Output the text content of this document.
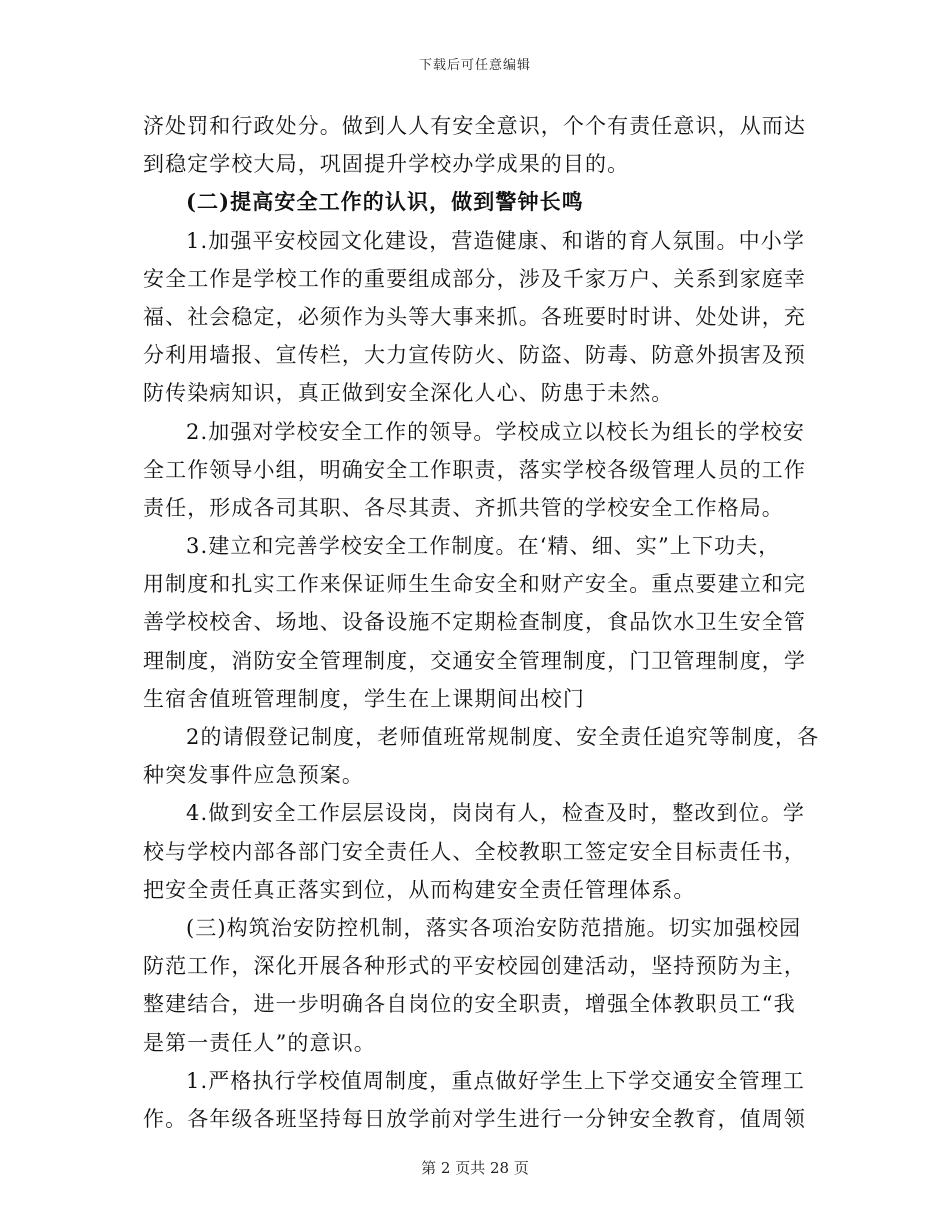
下载后可任意编辑
济处罚和行政处分。做到人人有安全意识，个个有责任意识，从而达
到稳定学校大局，巩固提升学校办学成果的目的。
(二)提高安全工作的认识，做到警钟长鸣
1.加强平安校园文化建设，营造健康、和谐的育人氛围。中小学
安全工作是学校工作的重要组成部分，涉及千家万户、关系到家庭幸
福、社会稳定，必须作为头等大事来抓。各班要时时讲、处处讲，充
分利用墙报、宣传栏，大力宣传防火、防盗、防毒、防意外损害及预
防传染病知识，真正做到安全深化人心、防患于未然。
2.加强对学校安全工作的领导。学校成立以校长为组长的学校安
全工作领导小组，明确安全工作职责，落实学校各级管理人员的工作
责任，形成各司其职、各尽其责、齐抓共管的学校安全工作格局。
3.建立和完善学校安全工作制度。在‘精、细、实”上下功夫，
用制度和扎实工作来保证师生生命安全和财产安全。重点要建立和完
善学校校舍、场地、设备设施不定期检查制度，食品饮水卫生安全管
理制度，消防安全管理制度，交通安全管理制度，门卫管理制度，学
生宿舍值班管理制度，学生在上课期间出校门
2的请假登记制度，老师值班常规制度、安全责任追究等制度，各
种突发事件应急预案。
4.做到安全工作层层设岗，岗岗有人，检查及时，整改到位。学
校与学校内部各部门安全责任人、全校教职工签定安全目标责任书，
把安全责任真正落实到位，从而构建安全责任管理体系。
(三)构筑治安防控机制，落实各项治安防范措施。切实加强校园
防范工作，深化开展各种形式的平安校园创建活动，坚持预防为主，
整建结合，进一步明确各自岗位的安全职责，增强全体教职员工“我
是第一责任人”的意识。
1.严格执行学校值周制度，重点做好学生上下学交通安全管理工
作。各年级各班坚持每日放学前对学生进行一分钟安全教育，值周领
第 2 页共 28 页
